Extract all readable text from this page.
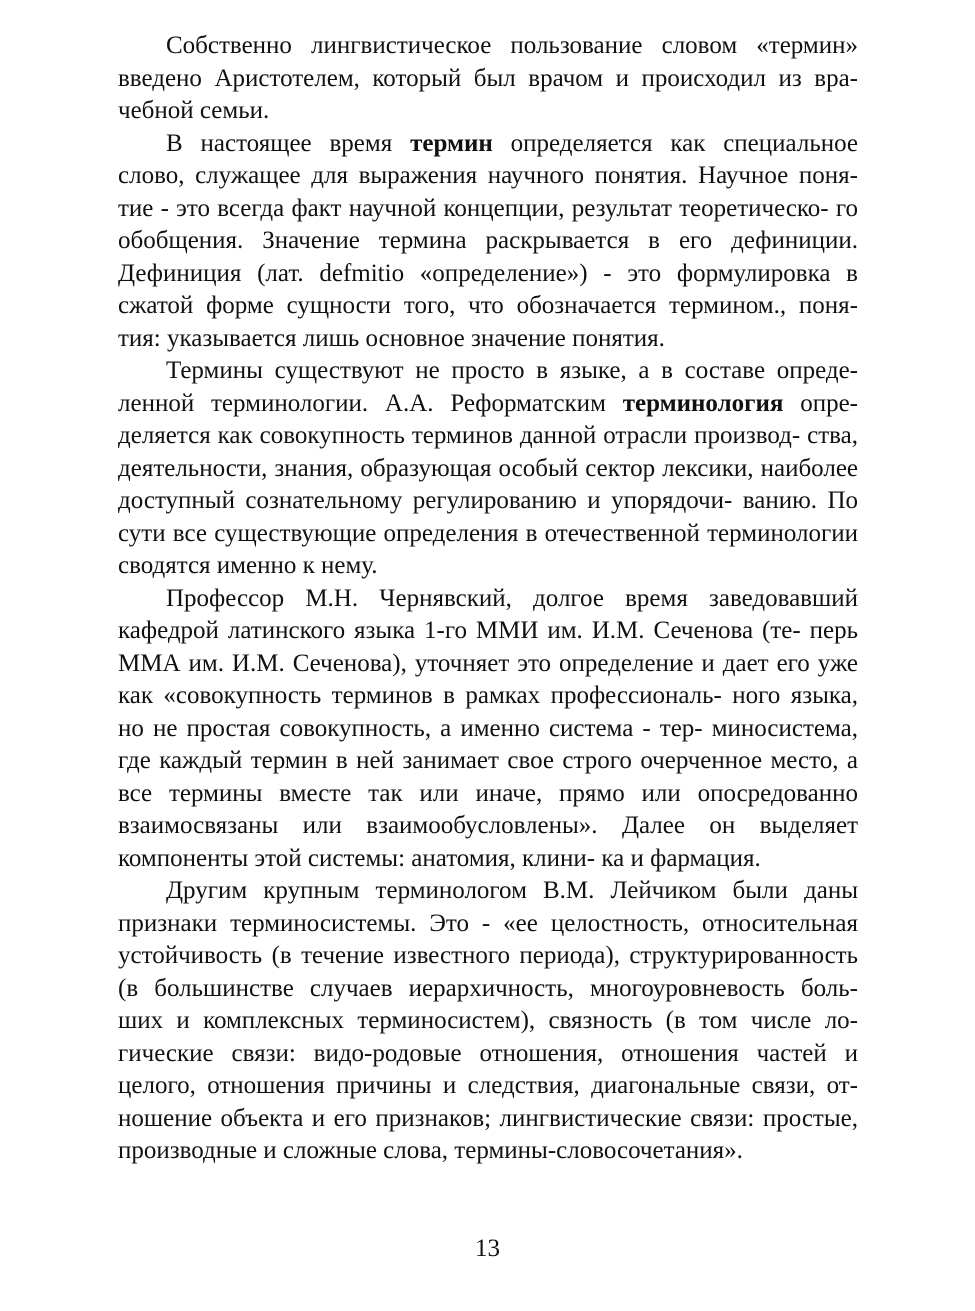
Собственно лингвистическое пользование словом «термин» введено Аристотелем, который был врачом и происходил из вра- чебной семьи.

В настоящее время термин определяется как специальное слово, служащее для выражения научного понятия. Научное поня- тие - это всегда факт научной концепции, результат теоретическо- го обобщения. Значение термина раскрывается в его дефиниции. Дефиниция (лат. defmitio «определение») - это формулировка в сжатой форме сущности того, что обозначается термином., поня- тия: указывается лишь основное значение понятия.

Термины существуют не просто в языке, а в составе опреде- ленной терминологии. А.А. Реформатским терминология опре- деляется как совокупность терминов данной отрасли производ- ства, деятельности, знания, образующая особый сектор лексики, наиболее доступный сознательному регулированию и упорядочи- ванию. По сути все существующие определения в отечественной терминологии сводятся именно к нему.

Профессор М.Н. Чернявский, долгое время заведовавший кафедрой латинского языка 1-го ММИ им. И.М. Сеченова (те- перь ММА им. И.М. Сеченова), уточняет это определение и дает его уже как «совокупность терминов в рамках профессиональ- ного языка, но не простая совокупность, а именно система - тер- миносистема, где каждый термин в ней занимает свое строго очерченное место, а все термины вместе так или иначе, прямо или опосредованно взаимосвязаны или взаимообусловлены». Далее он выделяет компоненты этой системы: анатомия, клини- ка и фармация.

Другим крупным терминологом В.М. Лейчиком были даны признаки терминосистемы. Это - «ее целостность, относительная устойчивость (в течение известного периода), структурированность (в большинстве случаев иерархичность, многоуровневость боль- ших и комплексных терминосистем), связность (в том числе ло- гические связи: видо-родовые отношения, отношения частей и целого, отношения причины и следствия, диагональные связи, от- ношение объекта и его признаков; лингвистические связи: простые, производные и сложные слова, термины-словосочетания».

13
